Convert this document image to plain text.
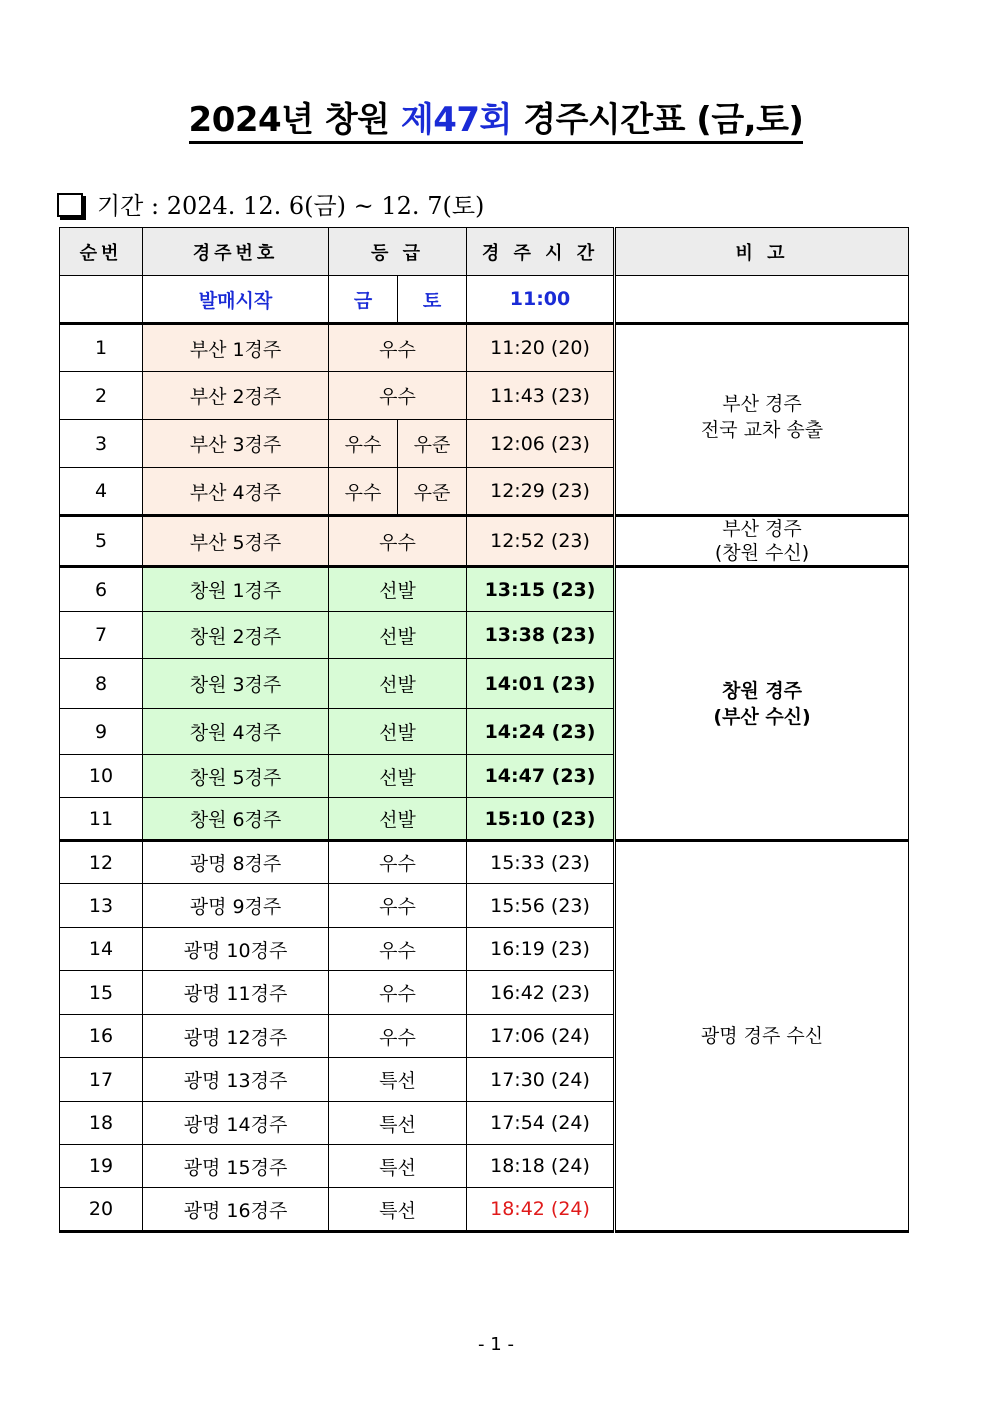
2024년 창원 제47회 경주시간표 (금,토)
기간 : 2024. 12. 6(금) ~ 12. 7(토)
순번	경주번호	등 급		경 주 시 간	비 고
	발매시작	금	토	11:00	
1	부산 1경주	우수		11:20 (20)	부산 경주
전국 교차 송출

2	부산 2경주	우수		11:43 (23)	
3	부산 3경주	우수	우준	12:06 (23)	
4	부산 4경주	우수	우준	12:29 (23)	
5	부산 5경주	우수		12:52 (23)	부산 경주
(창원 수신)

6	창원 1경주	선발		13:15 (23)	창원 경주
(부산 수신)

7	창원 2경주	선발		13:38 (23)	
8	창원 3경주	선발		14:01 (23)	
9	창원 4경주	선발		14:24 (23)	
10	창원 5경주	선발		14:47 (23)	
11	창원 6경주	선발		15:10 (23)	
12	광명 8경주	우수		15:33 (23)	광명 경주 수신
13	광명 9경주	우수		15:56 (23)	
14	광명 10경주	우수		16:19 (23)	
15	광명 11경주	우수		16:42 (23)	
16	광명 12경주	우수		17:06 (24)	
17	광명 13경주	특선		17:30 (24)	
18	광명 14경주	특선		17:54 (24)	
19	광명 15경주	특선		18:18 (24)	
20	광명 16경주	특선		18:42 (24)	
- 1 -
